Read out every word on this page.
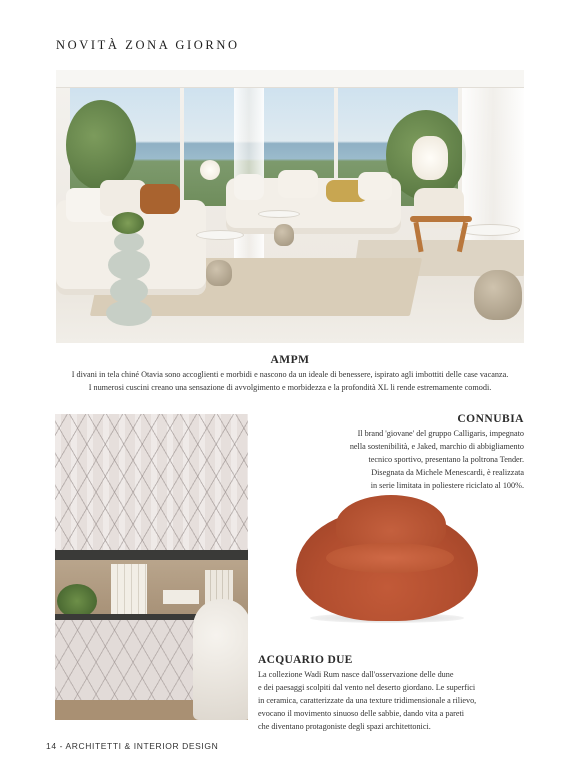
NOVITÀ ZONA GIORNO
AMPM
I divani in tela chiné Otavia sono accoglienti e morbidi e nascono da un ideale di benessere, ispirato agli imbottiti delle case vacanza.
I numerosi cuscini creano una sensazione di avvolgimento e morbidezza e la profondità XL li rende estremamente comodi.
CONNUBIA
Il brand 'giovane' del gruppo Calligaris, impegnato
nella sostenibilità, e Jaked, marchio di abbigliamento
tecnico sportivo, presentano la poltrona Tender.
Disegnata da Michele Menescardi, è realizzata
in serie limitata in poliestere riciclato al 100%.
ACQUARIO DUE
La collezione Wadi Rum nasce dall'osservazione delle dune
e dei paesaggi scolpiti dal vento nel deserto giordano. Le superfici
in ceramica, caratterizzate da una texture tridimensionale a rilievo,
evocano il movimento sinuoso delle sabbie, dando vita a pareti
che diventano protagoniste degli spazi architettonici.
14 - ARCHITETTI & INTERIOR DESIGN
